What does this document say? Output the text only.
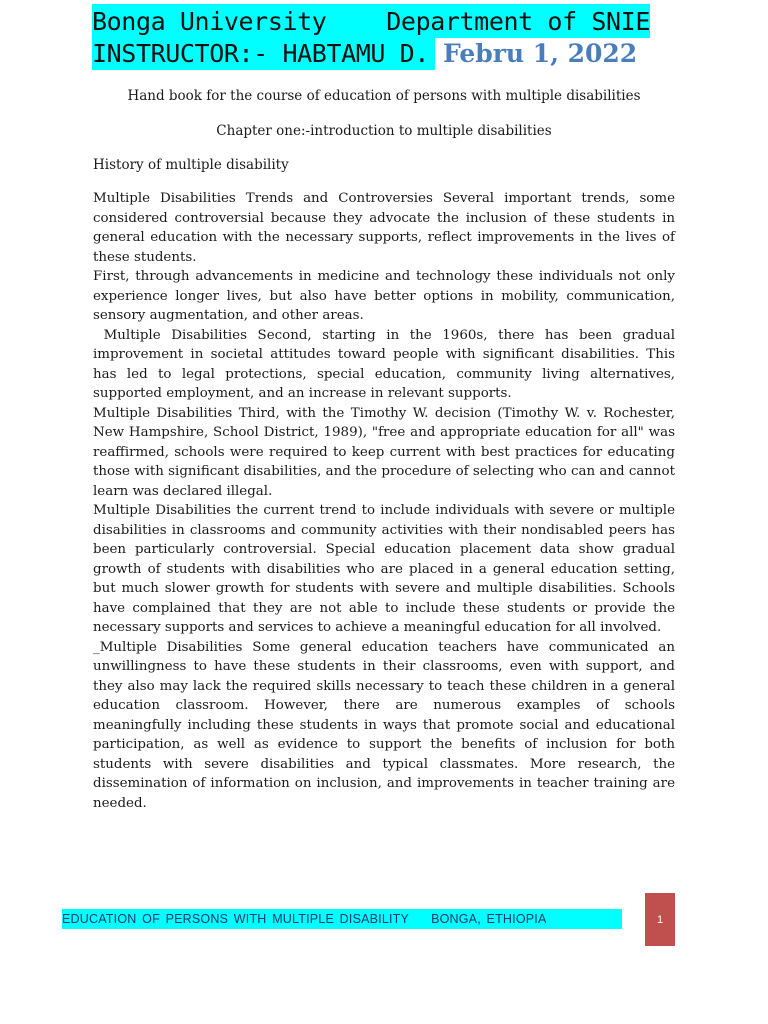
Bonga University Department of SNIE
INSTRUCTOR:- HABTAMU D. Febru 1, 2022
Hand book for the course of education of persons with multiple disabilities
Chapter one:-introduction to multiple disabilities
History of multiple disability

Multiple Disabilities Trends and Controversies Several important trends, some considered controversial because they advocate the inclusion of these students in general education with the necessary supports, reflect improvements in the lives of these students.

First, through advancements in medicine and technology these individuals not only experience longer lives, but also have better options in mobility, communication, sensory augmentation, and other areas.

Multiple Disabilities Second, starting in the 1960s, there has been gradual improvement in societal attitudes toward people with significant disabilities. This has led to legal protections, special education, community living alternatives, supported employment, and an increase in relevant supports.

Multiple Disabilities Third, with the Timothy W. decision (Timothy W. v. Rochester, New Hampshire, School District, 1989), "free and appropriate education for all" was reaffirmed, schools were required to keep current with best practices for educating those with significant disabilities, and the procedure of selecting who can and cannot learn was declared illegal.

Multiple Disabilities the current trend to include individuals with severe or multiple disabilities in classrooms and community activities with their nondisabled peers has been particularly controversial. Special education placement data show gradual growth of students with disabilities who are placed in a general education setting, but much slower growth for students with severe and multiple disabilities. Schools have complained that they are not able to include these students or provide the necessary supports and services to achieve a meaningful education for all involved.

_Multiple Disabilities Some general education teachers have communicated an unwillingness to have these students in their classrooms, even with support, and they also may lack the required skills necessary to teach these children in a general education classroom. However, there are numerous examples of schools meaningfully including these students in ways that promote social and educational participation, as well as evidence to support the benefits of inclusion for both students with severe disabilities and typical classmates. More research, the dissemination of information on inclusion, and improvements in teacher training are needed.

EDUCATION OF PERSONS WITH MULTIPLE DISABILITY BONGA, ETHIOPIA	1
